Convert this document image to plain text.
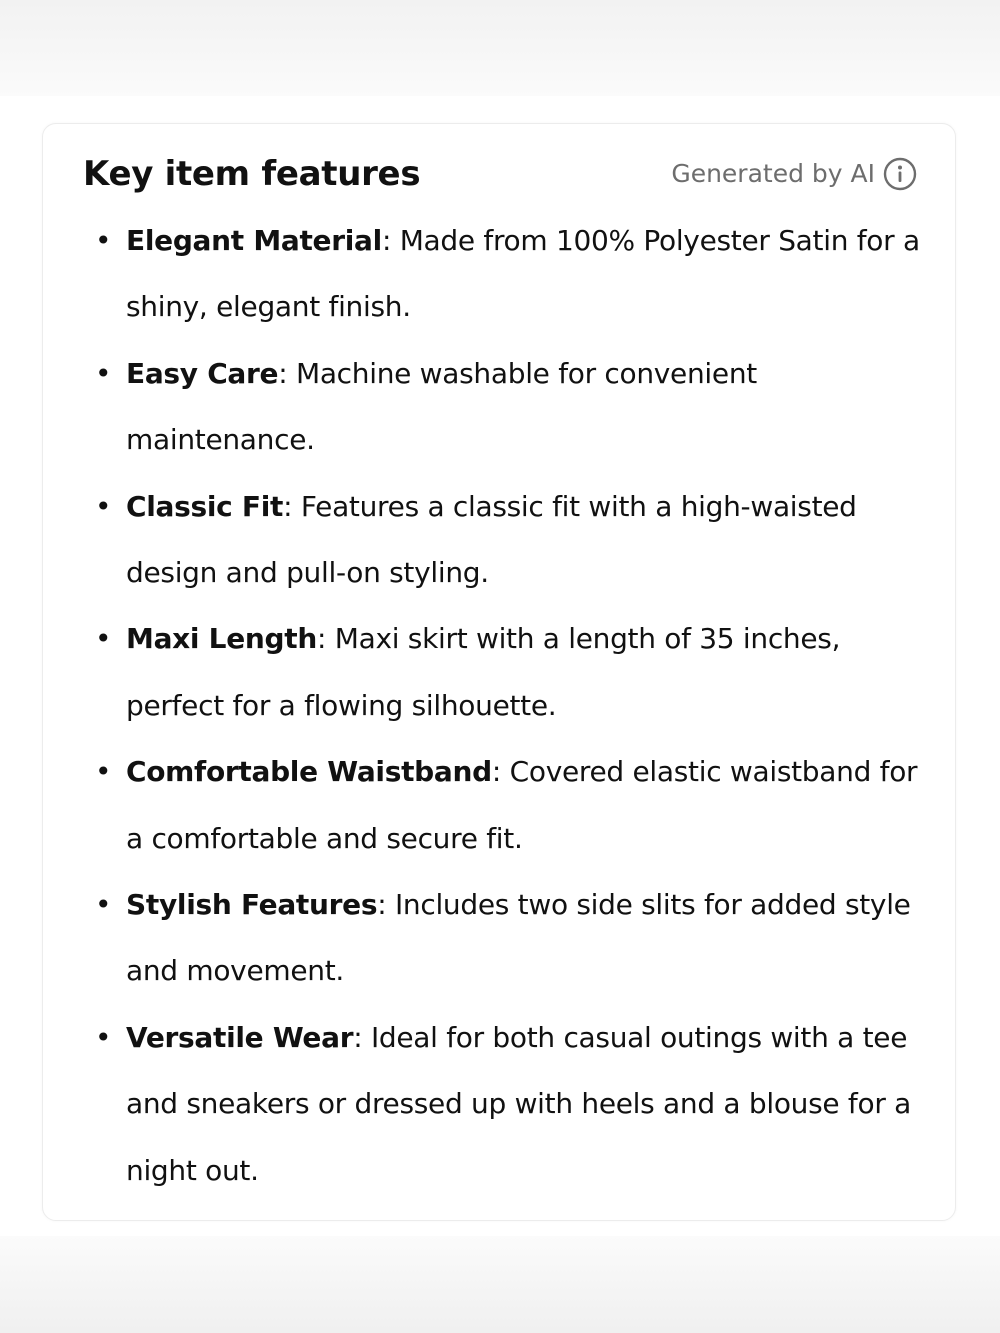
Key item features	Generated by AI
• Elegant Material: Made from 100% Polyester Satin for a shiny, elegant finish.
• Easy Care: Machine washable for convenient maintenance.
• Classic Fit: Features a classic fit with a high-waisted design and pull-on styling.
• Maxi Length: Maxi skirt with a length of 35 inches, perfect for a flowing silhouette.
• Comfortable Waistband: Covered elastic waistband for a comfortable and secure fit.
• Stylish Features: Includes two side slits for added style and movement.
• Versatile Wear: Ideal for both casual outings with a tee and sneakers or dressed up with heels and a blouse for a night out.
